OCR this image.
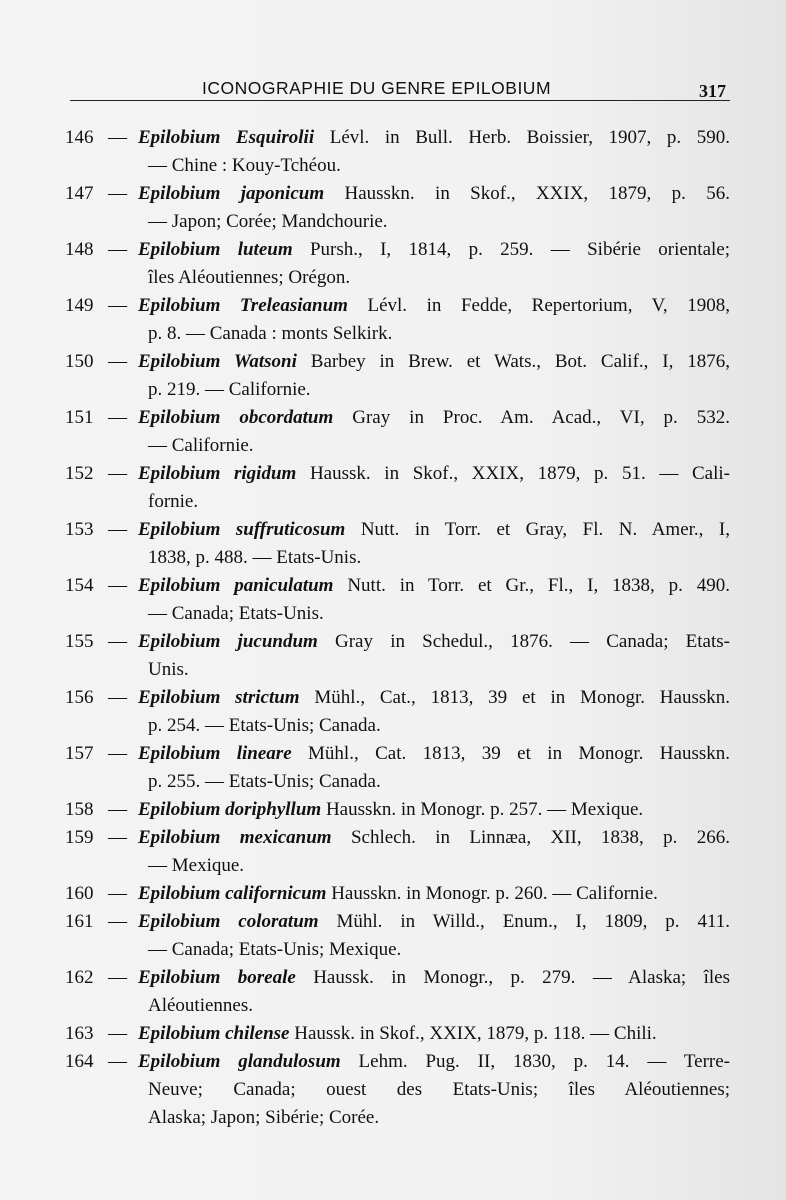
ICONOGRAPHIE DU GENRE EPILOBIUM	317
146 — Epilobium Esquirolii Lévl. in Bull. Herb. Boissier, 1907, p. 590.
— Chine : Kouy-Tchéou.
147 — Epilobium japonicum Hausskn. in Skof., XXIX, 1879, p. 56.
— Japon; Corée; Mandchourie.
148 — Epilobium luteum Pursh., I, 1814, p. 259. — Sibérie orientale;
îles Aléoutiennes; Orégon.
149 — Epilobium Treleasianum Lévl. in Fedde, Repertorium, V, 1908,
p. 8. — Canada : monts Selkirk.
150 — Epilobium Watsoni Barbey in Brew. et Wats., Bot. Calif., I, 1876,
p. 219. — Californie.
151 — Epilobium obcordatum Gray in Proc. Am. Acad., VI, p. 532.
— Californie.
152 — Epilobium rigidum Haussk. in Skof., XXIX, 1879, p. 51. — Cali-
fornie.
153 — Epilobium suffruticosum Nutt. in Torr. et Gray, Fl. N. Amer., I,
1838, p. 488. — Etats-Unis.
154 — Epilobium paniculatum Nutt. in Torr. et Gr., Fl., I, 1838, p. 490.
— Canada; Etats-Unis.
155 — Epilobium jucundum Gray in Schedul., 1876. — Canada; Etats-
Unis.
156 — Epilobium strictum Mühl., Cat., 1813, 39 et in Monogr. Hausskn.
p. 254. — Etats-Unis; Canada.
157 — Epilobium lineare Mühl., Cat. 1813, 39 et in Monogr. Hausskn.
p. 255. — Etats-Unis; Canada.
158 — Epilobium doriphyllum Hausskn. in Monogr. p. 257. — Mexique.
159 — Epilobium mexicanum Schlech. in Linnæa, XII, 1838, p. 266.
— Mexique.
160 — Epilobium californicum Hausskn. in Monogr. p. 260. — Californie.
161 — Epilobium coloratum Mühl. in Willd., Enum., I, 1809, p. 411.
— Canada; Etats-Unis; Mexique.
162 — Epilobium boreale Haussk. in Monogr., p. 279. — Alaska; îles
Aléoutiennes.
163 — Epilobium chilense Haussk. in Skof., XXIX, 1879, p. 118. — Chili.
164 — Epilobium glandulosum Lehm. Pug. II, 1830, p. 14. — Terre-
Neuve; Canada; ouest des Etats-Unis; îles Aléoutiennes;
Alaska; Japon; Sibérie; Corée.
